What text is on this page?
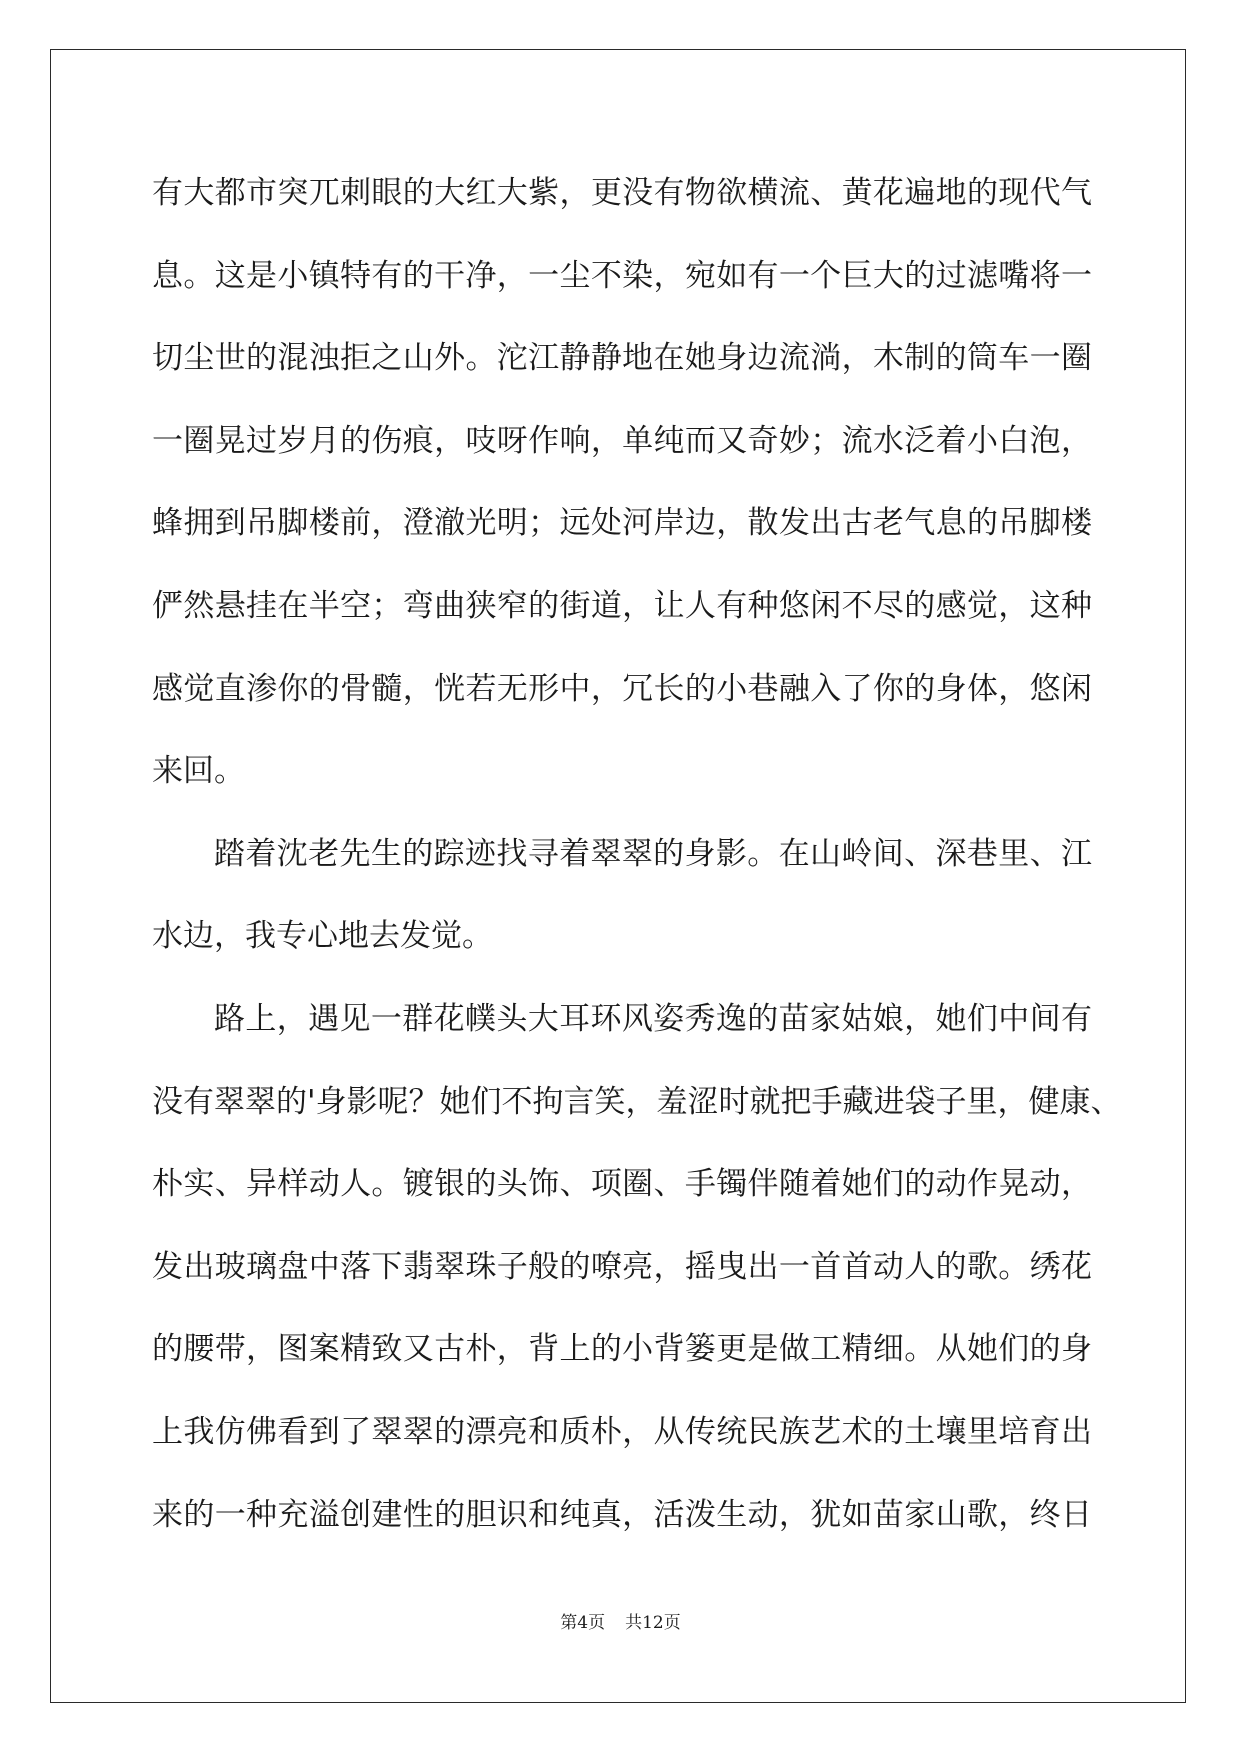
有大都市突兀刺眼的大红大紫，更没有物欲横流、黄花遍地的现代气
息。这是小镇特有的干净，一尘不染，宛如有一个巨大的过滤嘴将一
切尘世的混浊拒之山外。沱江静静地在她身边流淌，木制的筒车一圈
一圈晃过岁月的伤痕，吱呀作响，单纯而又奇妙；流水泛着小白泡，
蜂拥到吊脚楼前，澄澈光明；远处河岸边，散发出古老气息的吊脚楼
俨然悬挂在半空；弯曲狭窄的街道，让人有种悠闲不尽的感觉，这种
感觉直渗你的骨髓，恍若无形中，冗长的小巷融入了你的身体，悠闲
来回。
踏着沈老先生的踪迹找寻着翠翠的身影。在山岭间、深巷里、江
水边，我专心地去发觉。
路上，遇见一群花幞头大耳环风姿秀逸的苗家姑娘，她们中间有
没有翠翠的'身影呢？她们不拘言笑，羞涩时就把手藏进袋子里，健康、
朴实、异样动人。镀银的头饰、项圈、手镯伴随着她们的动作晃动，
发出玻璃盘中落下翡翠珠子般的嘹亮，摇曳出一首首动人的歌。绣花
的腰带，图案精致又古朴，背上的小背篓更是做工精细。从她们的身
上我仿佛看到了翠翠的漂亮和质朴，从传统民族艺术的土壤里培育出
来的一种充溢创建性的胆识和纯真，活泼生动，犹如苗家山歌，终日
第4页 共12页
